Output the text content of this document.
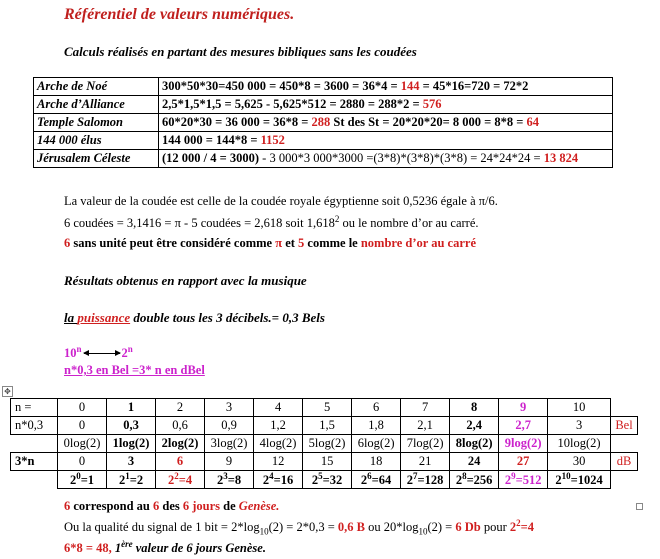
Référentiel de valeurs numériques.
Calculs réalisés en partant des mesures bibliques sans les coudées
Arche de Noé	300*50*30=450 000 = 450*8 = 3600 = 36*4 = 144 = 45*16=720 = 72*2
Arche d’Alliance	2,5*1,5*1,5 = 5,625 - 5,625*512 = 2880 = 288*2 = 576
Temple Salomon	60*20*30 = 36 000 = 36*8 = 288 St des St = 20*20*20= 8 000 = 8*8 = 64
144 000 élus	144 000 = 144*8 = 1152
Jérusalem Céleste	(12 000 / 4 = 3000) - 3 000*3 000*3000 =(3*8)*(3*8)*(3*8) = 24*24*24 = 13 824
La valeur de la coudée est celle de la coudée royale égyptienne soit 0,5236 égale à π/6.
6 coudées = 3,1416 = π - 5 coudées = 2,618 soit 1,618$^2$ ou le nombre d’or au carré.
6 sans unité peut être considéré comme π et 5 comme le nombre d’or au carré
Résultats obtenus en rapport avec la musique
la puissance double tous les 3 décibels.= 0,3 Bels
10$^n$	2$^n$
n*0,3 en Bel =3* n en dBel
✥
n =	0	1	2	3	4	5	6	7	8	9	10	
n*0,3	0	0,3	0,6	0,9	1,2	1,5	1,8	2,1	2,4	2,7	3	Bel
	0log(2)	1log(2)	2log(2)	3log(2)	4log(2)	5log(2)	6log(2)	7log(2)	8log(2)	9log(2)	10log(2)	
3*n	0	3	6	9	12	15	18	21	24	27	30	dB
	$2^0=1$	$2^1=2$	$2^2=4$	$2^3=8$	$2^4=16$	$2^5=32$	$2^6=64$	$2^7=128$	$2^8=256$	$2^9=512$	$2^{10}=1024$	
6 correspond au 6 des 6 jours de Genèse.
Ou la qualité du signal de 1 bit = $2*\log_{10}(2) = 2*0,3 = 0,6$ B ou $20*\log_{10}(2) = 6$ Db pour $2^2=4$
6*8 = 48, 1ère valeur de 6 jours Genèse.
